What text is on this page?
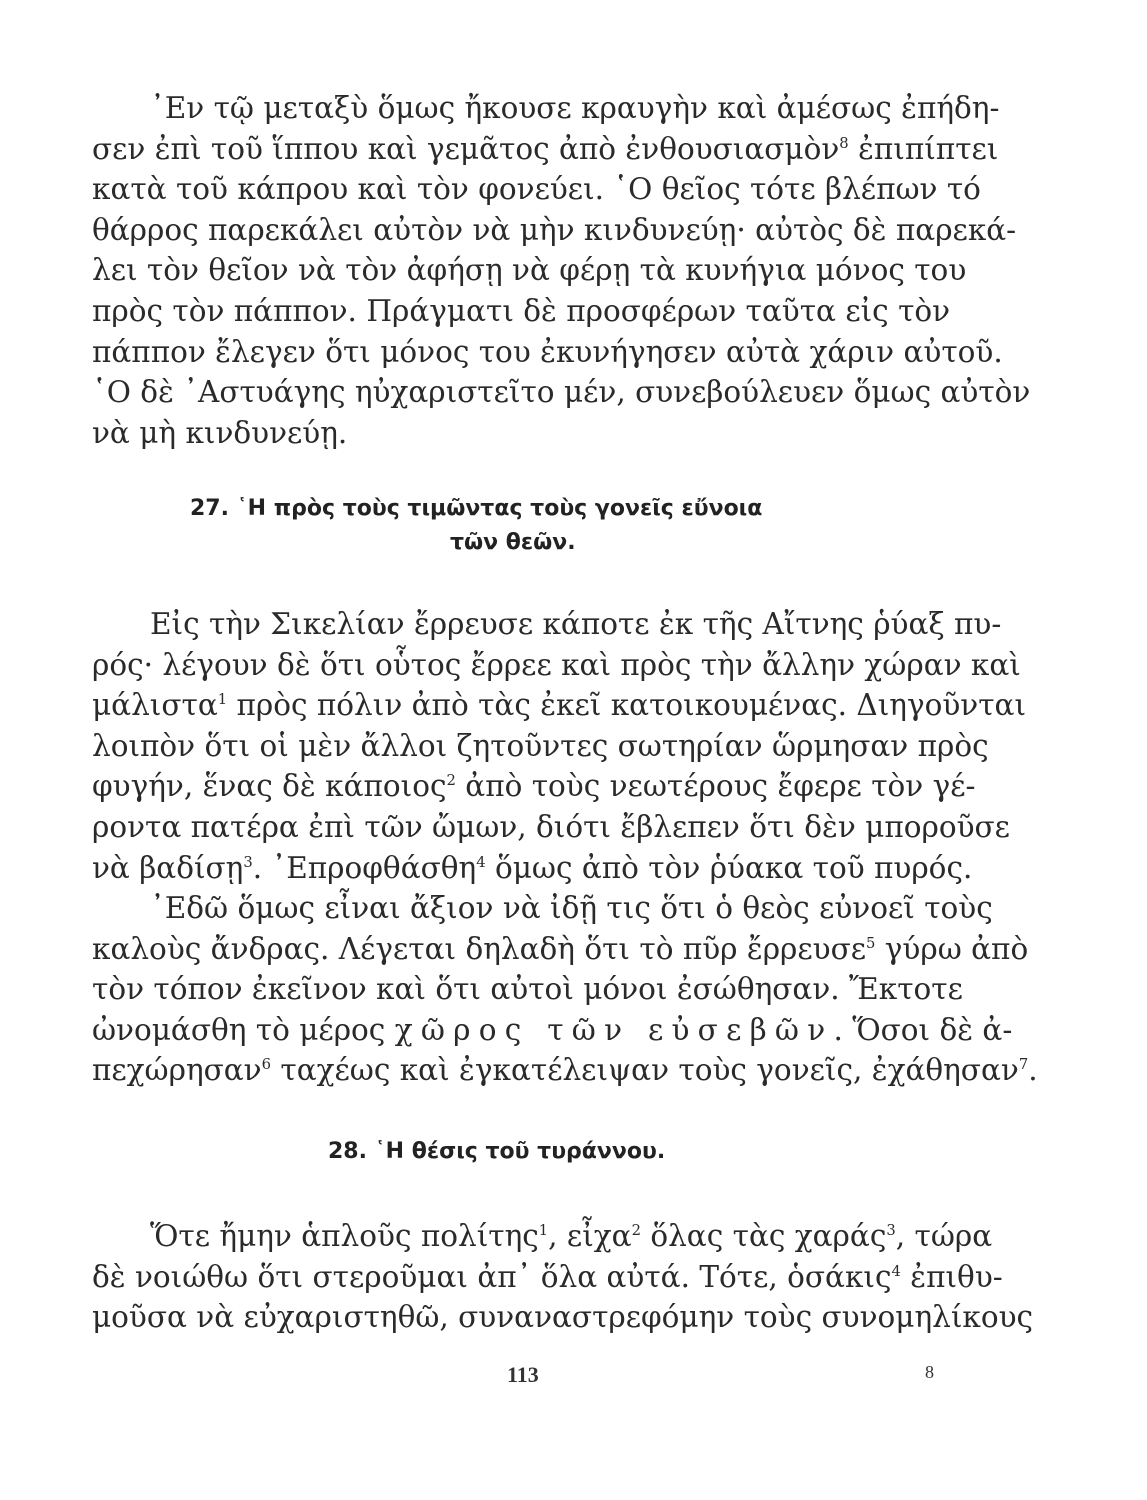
᾿Εν τῷ μεταξὺ ὅμως ἤκουσε κραυγὴν καὶ ἀμέσως ἐπήδη-
σεν ἐπὶ τοῦ ἵππου καὶ γεμᾶτος ἀπὸ ἐνθουσιασμὸν$^8$ ἐπιπίπτει
κατὰ τοῦ κάπρου καὶ τὸν φονεύει. ῾Ο θεῖος τότε βλέπων τό
θάρρος παρεκάλει αὐτὸν νὰ μὴν κινδυνεύῃ· αὐτὸς δὲ παρεκά-
λει τὸν θεῖον νὰ τὸν ἀφήσῃ νὰ φέρῃ τὰ κυνήγια μόνος του
πρὸς τὸν πάππον. Πράγματι δὲ προσφέρων ταῦτα εἰς τὸν
πάππον ἔλεγεν ὅτι μόνος του ἐκυνήγησεν αὐτὰ χάριν αὐτοῦ.
῾Ο δὲ ᾿Αστυάγης ηὐχαριστεῖτο μέν, συνεβούλευεν ὅμως αὐτὸν
νὰ μὴ κινδυνεύῃ.
27. ῾Η πρὸς τοὺς τιμῶντας τοὺς γονεῖς εὔνοια
τῶν θεῶν.
Εἰς τὴν Σικελίαν ἔρρευσε κάποτε ἐκ τῆς Αἴτνης ῥύαξ πυ-
ρός· λέγουν δὲ ὅτι οὗτος ἔρρεε καὶ πρὸς τὴν ἄλλην χώραν καὶ
μάλιστα$^1$ πρὸς πόλιν ἀπὸ τὰς ἐκεῖ κατοικουμένας. Διηγοῦνται
λοιπὸν ὅτι οἱ μὲν ἄλλοι ζητοῦντες σωτηρίαν ὥρμησαν πρὸς
φυγήν, ἕνας δὲ κάποιος$^2$ ἀπὸ τοὺς νεωτέρους ἔφερε τὸν γέ-
ροντα πατέρα ἐπὶ τῶν ὤμων, διότι ἔβλεπεν ὅτι δὲν μποροῦσε
νὰ βαδίσῃ$^3$. ᾿Επροφθάσθη$^4$ ὅμως ἀπὸ τὸν ῥύακα τοῦ πυρός.
᾿Εδῶ ὅμως εἶναι ἄξιον νὰ ἰδῇ τις ὅτι ὁ θεὸς εὐνοεῖ τοὺς
καλοὺς ἄνδρας. Λέγεται δηλαδὴ ὅτι τὸ πῦρ ἔρρευσε$^5$ γύρω ἀπὸ
τὸν τόπον ἐκεῖνον καὶ ὅτι αὐτοὶ μόνοι ἐσώθησαν. Ἔκτοτε
ὠνομάσθη τὸ μέρος χῶρος τῶν εὐσεβῶν. Ὅσοι δὲ ἀ-
πεχώρησαν$^6$ ταχέως καὶ ἐγκατέλειψαν τοὺς γονεῖς, ἐχάθησαν$^7$.
28. ῾Η θέσις τοῦ τυράννου.
Ὅτε ἤμην ἁπλοῦς πολίτης$^1$, εἶχα$^2$ ὅλας τὰς χαράς$^3$, τώρα
δὲ νοιώθω ὅτι στεροῦμαι ἀπ᾿ ὅλα αὐτά. Τότε, ὁσάκις$^4$ ἐπιθυ-
μοῦσα νὰ εὐχαριστηθῶ, συναναστρεφόμην τοὺς συνομηλίκους
113	8
